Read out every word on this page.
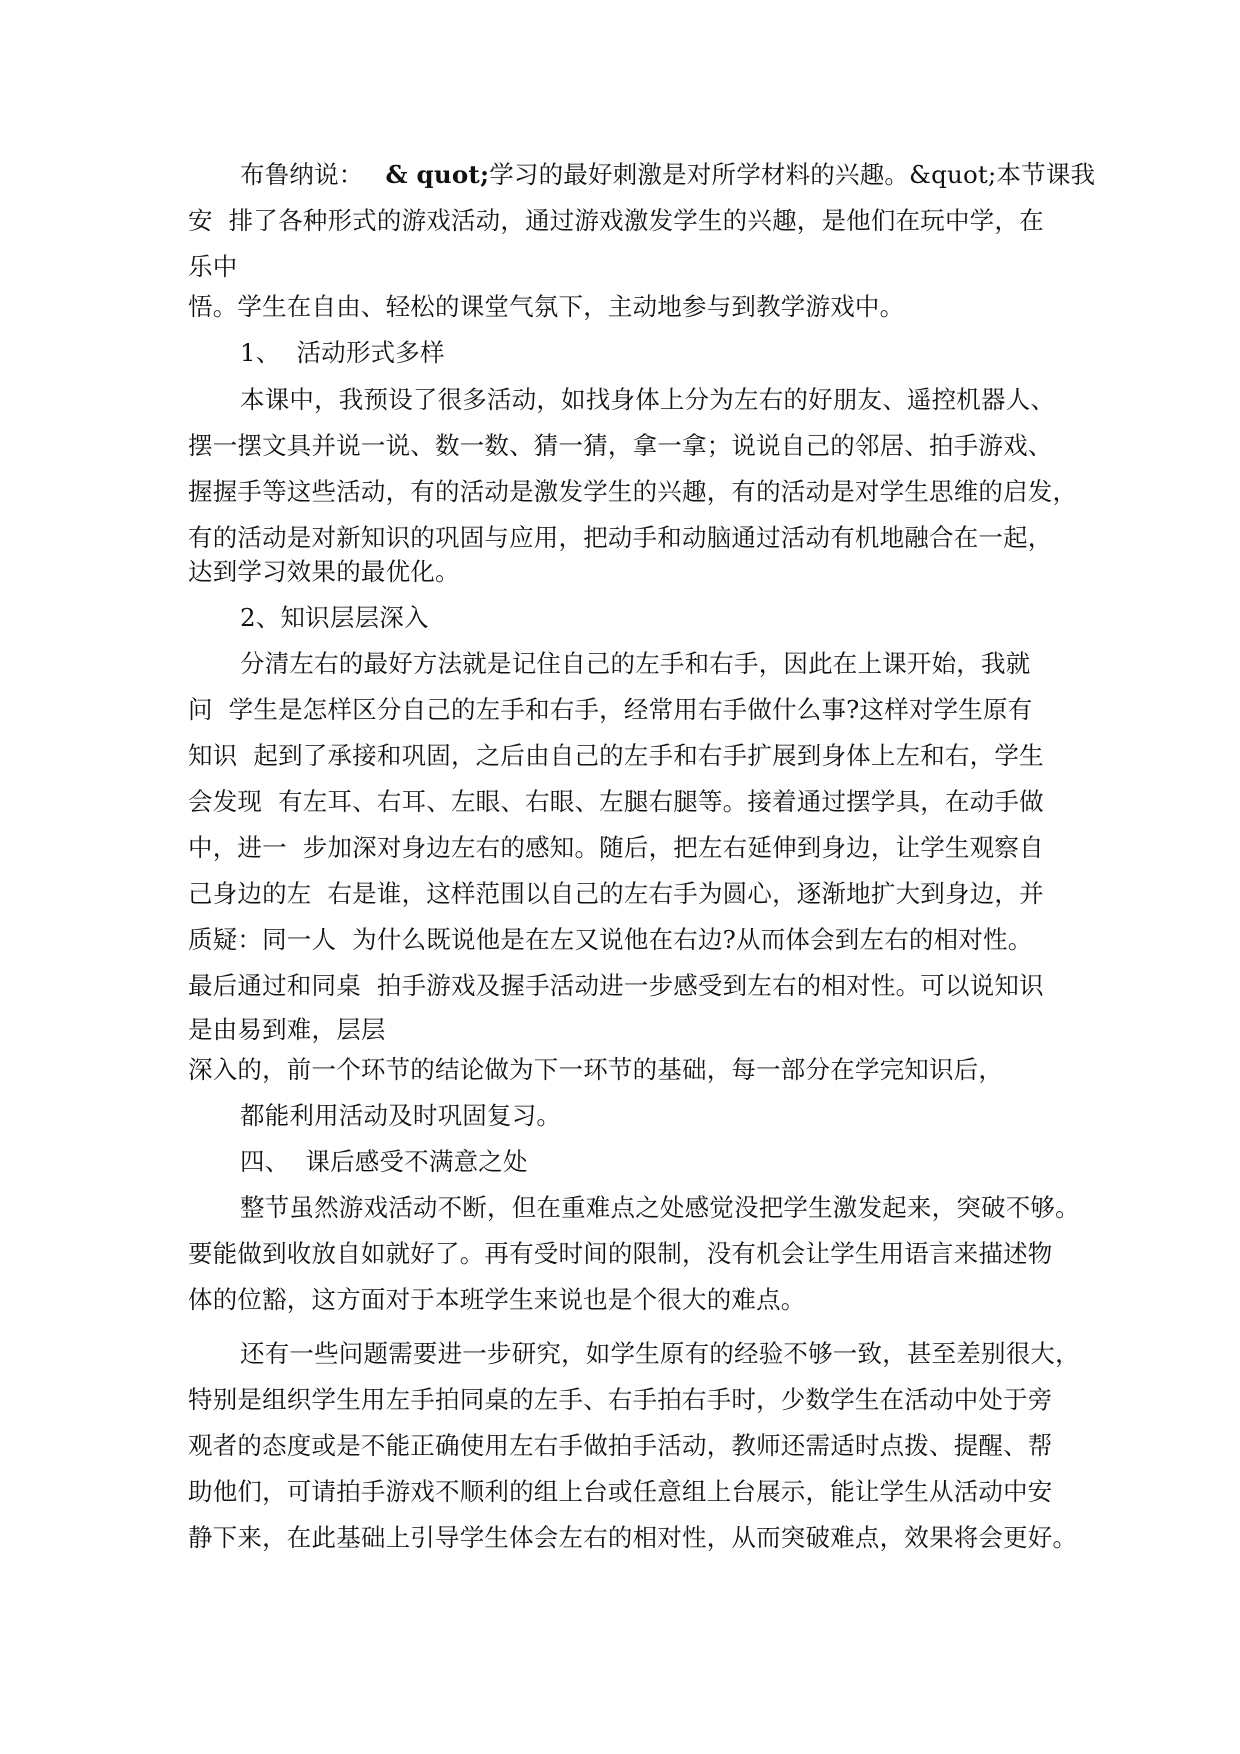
布鲁纳说： & quot;学习的最好刺激是对所学材料的兴趣。&quot;本节课我
安  排了各种形式的游戏活动，通过游戏激发学生的兴趣，是他们在玩中学，在
乐中
悟。学生在自由、轻松的课堂气氛下，主动地参与到教学游戏中。
1、  活动形式多样
本课中，我预设了很多活动，如找身体上分为左右的好朋友、遥控机器人、
摆一摆文具并说一说、数一数、猜一猜，拿一拿；说说自己的邻居、拍手游戏、
握握手等这些活动，有的活动是激发学生的兴趣，有的活动是对学生思维的启发，
有的活动是对新知识的巩固与应用，把动手和动脑通过活动有机地融合在一起，
达到学习效果的最优化。
2、知识层层深入
分清左右的最好方法就是记住自己的左手和右手，因此在上课开始，我就
问  学生是怎样区分自己的左手和右手，经常用右手做什么事?这样对学生原有
知识  起到了承接和巩固，之后由自己的左手和右手扩展到身体上左和右，学生
会发现  有左耳、右耳、左眼、右眼、左腿右腿等。接着通过摆学具，在动手做
中，进一  步加深对身边左右的感知。随后，把左右延伸到身边，让学生观察自
己身边的左  右是谁，这样范围以自己的左右手为圆心，逐渐地扩大到身边，并
质疑：同一人  为什么既说他是在左又说他在右边?从而体会到左右的相对性。
最后通过和同桌  拍手游戏及握手活动进一步感受到左右的相对性。可以说知识
是由易到难，层层
深入的，前一个环节的结论做为下一环节的基础，每一部分在学完知识后，
都能利用活动及时巩固复习。
四、  课后感受不满意之处
整节虽然游戏活动不断，但在重难点之处感觉没把学生激发起来，突破不够。
要能做到收放自如就好了。再有受时间的限制，没有机会让学生用语言来描述物
体的位豁，这方面对于本班学生来说也是个很大的难点。
还有一些问题需要进一步研究，如学生原有的经验不够一致，甚至差别很大，
特别是组织学生用左手拍同桌的左手、右手拍右手时，少数学生在活动中处于旁
观者的态度或是不能正确使用左右手做拍手活动，教师还需适时点拨、提醒、帮
助他们，可请拍手游戏不顺利的组上台或任意组上台展示，能让学生从活动中安
静下来，在此基础上引导学生体会左右的相对性，从而突破难点，效果将会更好。
